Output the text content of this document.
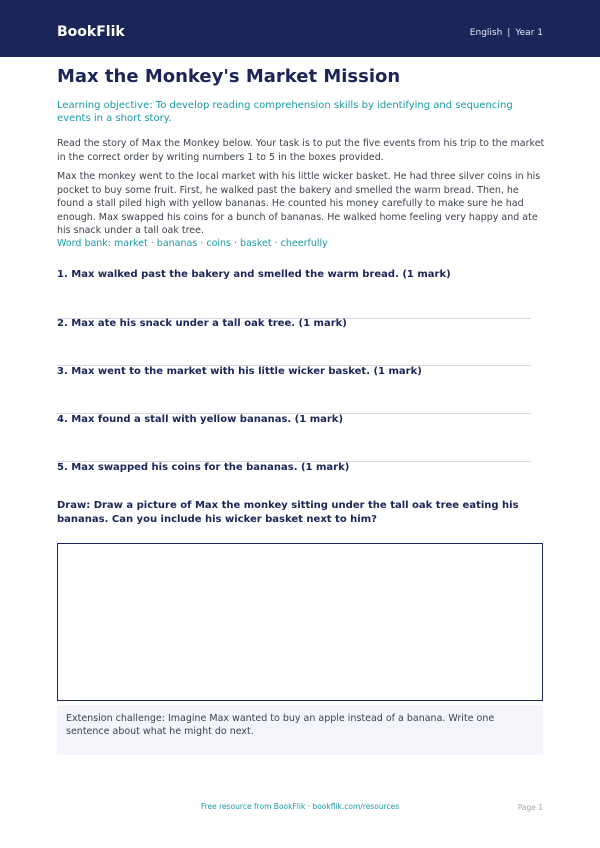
BookFlik	English | Year 1
Max the Monkey's Market Mission

Learning objective: To develop reading comprehension skills by identifying and sequencing events in a short story.

Read the story of Max the Monkey below. Your task is to put the five events from his trip to the market in the correct order by writing numbers 1 to 5 in the boxes provided.

Max the monkey went to the local market with his little wicker basket. He had three silver coins in his pocket to buy some fruit. First, he walked past the bakery and smelled the warm bread. Then, he found a stall piled high with yellow bananas. He counted his money carefully to make sure he had enough. Max swapped his coins for a bunch of bananas. He walked home feeling very happy and ate his snack under a tall oak tree.

Word bank: market · bananas · coins · basket · cheerfully

1. Max walked past the bakery and smelled the warm bread. (1 mark)

2. Max ate his snack under a tall oak tree. (1 mark)

3. Max went to the market with his little wicker basket. (1 mark)

4. Max found a stall with yellow bananas. (1 mark)

5. Max swapped his coins for the bananas. (1 mark)

Draw: Draw a picture of Max the monkey sitting under the tall oak tree eating his bananas. Can you include his wicker basket next to him?

Extension challenge: Imagine Max wanted to buy an apple instead of a banana. Write one sentence about what he might do next.

Free resource from BookFlik · bookflik.com/resources	Page 1
